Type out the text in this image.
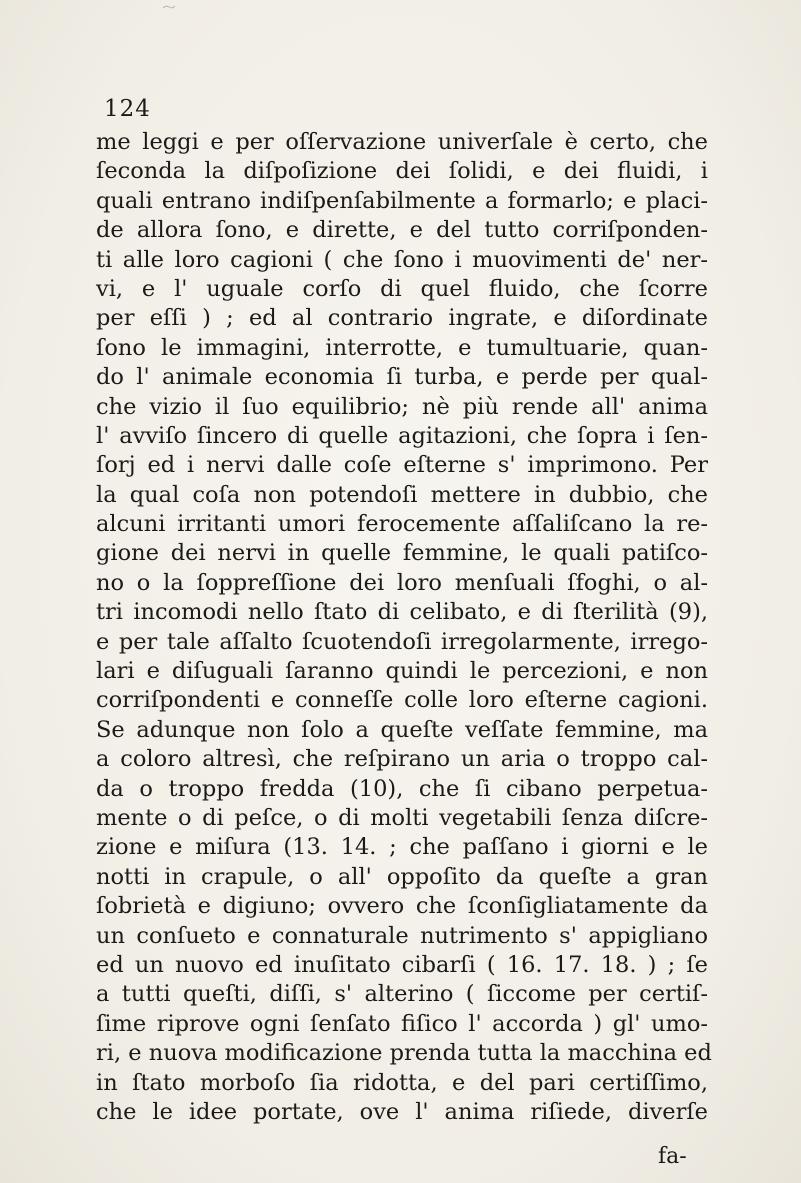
124
me leggi e per oſſervazione univerſale è certo, che
ſeconda la diſpoſizione dei ſolidi, e dei fluidi, i
quali entrano indiſpenſabilmente a formarlo; e placi-
de allora ſono, e dirette, e del tutto corriſponden-
ti alle loro cagioni ( che ſono i muovimenti de' ner-
vi, e l' uguale corſo di quel fluido, che ſcorre
per eſſi ) ; ed al contrario ingrate, e diſordinate
ſono le immagini, interrotte, e tumultuarie, quan-
do l' animale economia ſi turba, e perde per qual-
che vizio il ſuo equilibrio; nè più rende all' anima
l' avviſo ſincero di quelle agitazioni, che ſopra i ſen-
ſorj ed i nervi dalle coſe eſterne s' imprimono. Per
la qual coſa non potendoſi mettere in dubbio, che
alcuni irritanti umori ferocemente aſſaliſcano la re-
gione dei nervi in quelle femmine, le quali patiſco-
no o la ſoppreſſione dei loro menſuali ſfoghi, o al-
tri incomodi nello ſtato di celibato, e di ſterilità (9),
e per tale aſſalto ſcuotendoſi irregolarmente, irrego-
lari e diſuguali ſaranno quindi le percezioni, e non
corriſpondenti e conneſſe colle loro eſterne cagioni.
Se adunque non ſolo a queſte veſſate femmine, ma
a coloro altresì, che reſpirano un aria o troppo cal-
da o troppo fredda (10), che ſi cibano perpetua-
mente o di peſce, o di molti vegetabili ſenza diſcre-
zione e miſura (13. 14. ; che paſſano i giorni e le
notti in crapule, o all' oppoſito da queſte a gran
ſobrietà e digiuno; ovvero che ſconſigliatamente da
un conſueto e connaturale nutrimento s' appigliano
ed un nuovo ed inuſitato cibarſi ( 16. 17. 18. ) ; ſe
a tutti queſti, diſſi, s' alterino ( ſiccome per certiſ-
ſime riprove ogni ſenſato fiſico l' accorda ) gl' umo-
ri, e nuova modificazione prenda tutta la macchina ed
in ſtato morboſo ſia ridotta, e del pari certiſſimo,
che le idee portate, ove l' anima riſiede, diverſe
fa-
